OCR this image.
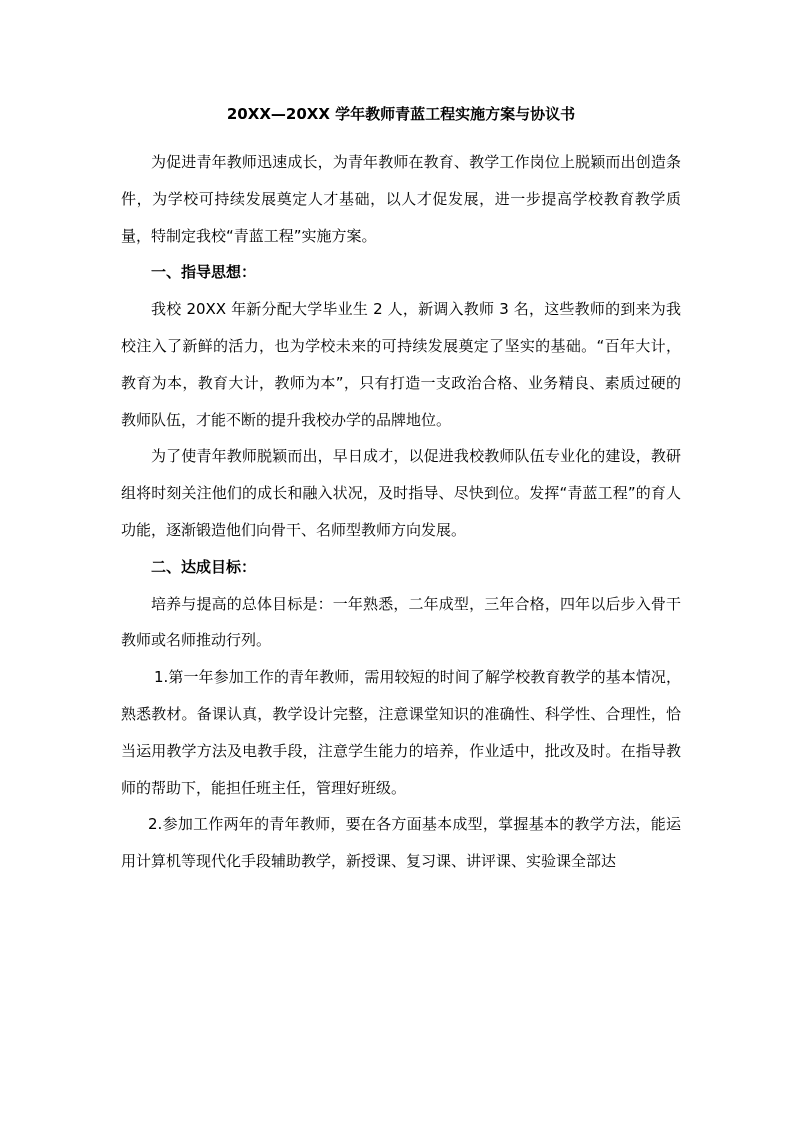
20XX—20XX 学年教师青蓝工程实施方案与协议书

为促进青年教师迅速成长，为青年教师在教育、教学工作岗位上脱颖而出创造条件，为学校可持续发展奠定人才基础，以人才促发展，进一步提高学校教育教学质量，特制定我校“青蓝工程”实施方案。

一、指导思想：

我校 20XX 年新分配大学毕业生 2 人，新调入教师 3 名，这些教师的到来为我校注入了新鲜的活力，也为学校未来的可持续发展奠定了坚实的基础。“百年大计，教育为本，教育大计，教师为本”，只有打造一支政治合格、业务精良、素质过硬的教师队伍，才能不断的提升我校办学的品牌地位。

为了使青年教师脱颖而出，早日成才，以促进我校教师队伍专业化的建设，教研组将时刻关注他们的成长和融入状况，及时指导、尽快到位。发挥“青蓝工程”的育人功能，逐渐锻造他们向骨干、名师型教师方向发展。

二、达成目标：

培养与提高的总体目标是：一年熟悉，二年成型，三年合格，四年以后步入骨干教师或名师推动行列。

1.第一年参加工作的青年教师，需用较短的时间了解学校教育教学的基本情况，熟悉教材。备课认真，教学设计完整，注意课堂知识的准确性、科学性、合理性，恰当运用教学方法及电教手段，注意学生能力的培养，作业适中，批改及时。在指导教师的帮助下，能担任班主任，管理好班级。

2.参加工作两年的青年教师，要在各方面基本成型，掌握基本的教学方法，能运用计算机等现代化手段辅助教学，新授课、复习课、讲评课、实验课全部达
